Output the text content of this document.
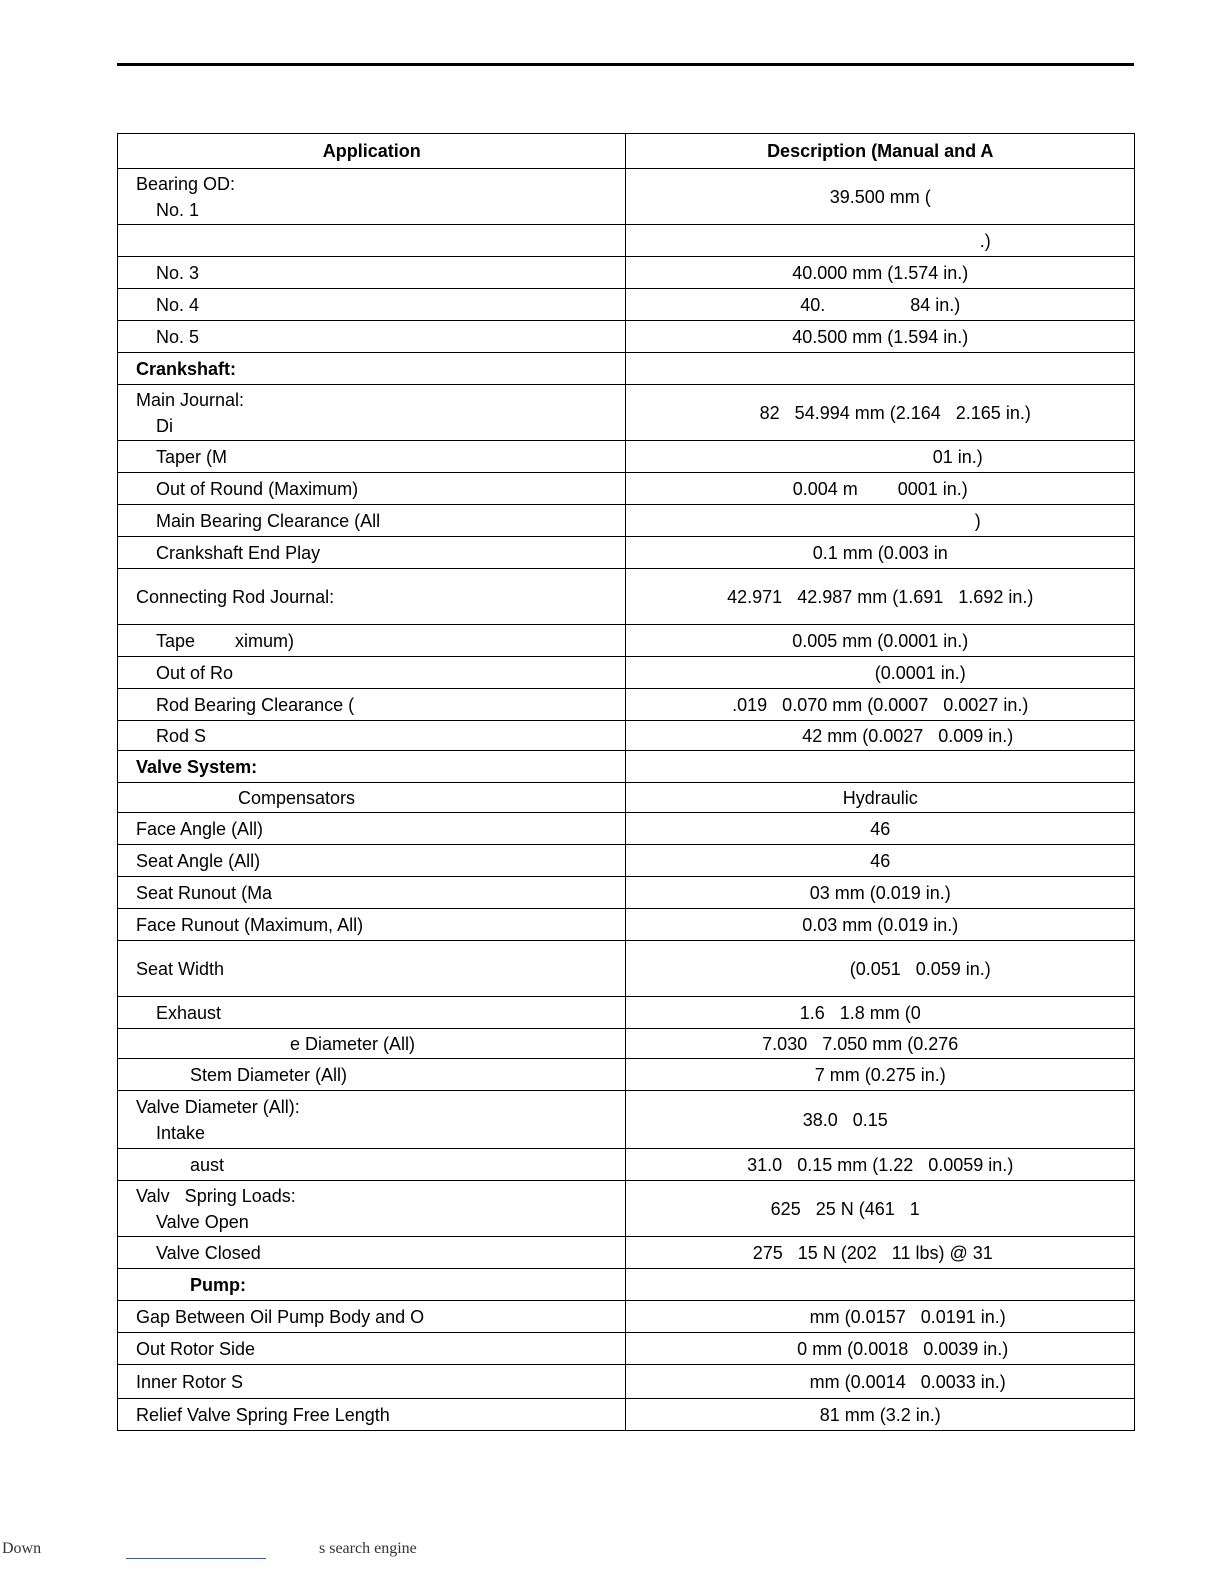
Application	Description (Manual and A

Bearing OD:
No. 1	39.500 mm (

	.)

No. 3	40.000 mm (1.574 in.)

No. 4	40.                 84 in.)

No. 5	40.500 mm (1.594 in.)

Crankshaft:	

Main Journal:
Di	82   54.994 mm (2.164   2.165 in.)

Taper (M	01 in.)

Out of Round (Maximum)	0.004 m        0001 in.)

Main Bearing Clearance (All	)

Crankshaft End Play	0.1 mm (0.003 in

Connecting Rod Journal:	42.971   42.987 mm (1.691   1.692 in.)

Tape        ximum)	0.005 mm (0.0001 in.)

Out of Ro	(0.0001 in.)

Rod Bearing Clearance (	.019   0.070 mm (0.0007   0.0027 in.)

Rod S	42 mm (0.0027   0.009 in.)

Valve System:	

Compensators	Hydraulic

Face Angle (All)	46

Seat Angle (All)	46

Seat Runout (Ma	03 mm (0.019 in.)

Face Runout (Maximum, All)	0.03 mm (0.019 in.)

Seat Width	(0.051   0.059 in.)

Exhaust	1.6   1.8 mm (0

e Diameter (All)	7.030   7.050 mm (0.276

Stem Diameter (All)	7 mm (0.275 in.)

Valve Diameter (All):
Intake	38.0   0.15

aust	31.0   0.15 mm (1.22   0.0059 in.)

Valv   Spring Loads:
Valve Open	625   25 N (461   1

Valve Closed	275   15 N (202   11 lbs) @ 31

Pump:	

Gap Between Oil Pump Body and O	mm (0.0157   0.0191 in.)

Out Rotor Side	0 mm (0.0018   0.0039 in.)

Inner Rotor S	mm (0.0014   0.0033 in.)

Relief Valve Spring Free Length	81 mm (3.2 in.)
Down	s search engine
